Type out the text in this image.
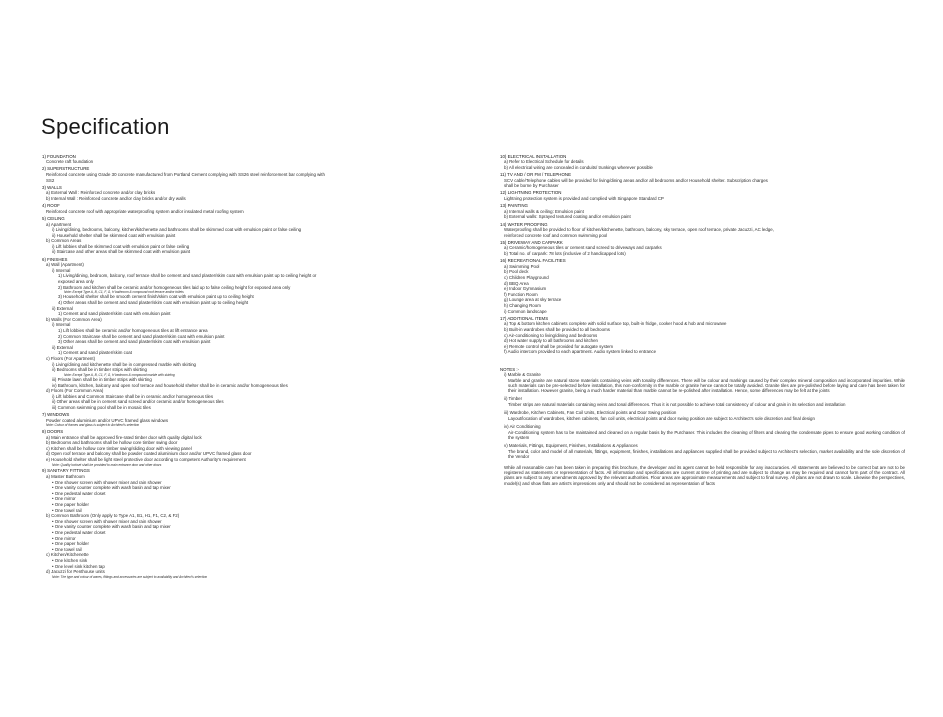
Specification
1) FOUNDATION
Concrete raft foundation
2) SUPERSTRUCTURE
Reinforced concrete using Grade 30 concrete manufactured from Portland Cement complying with SS26 steel reinforcement bar complying with
SS2
3) WALLS
a) External Wall : Reinforced concrete and/or clay bricks
b) Internal Wall : Reinforced concrete and/or clay bricks and/or dry walls
4) ROOF
Reinforced concrete roof with appropriate waterproofing system and/or insulated metal roofing system
5) CEILING
a) Apartment
i) Living/dining, bedrooms, balcony, kitchen/kitchenette and bathrooms shall be skimmed coat with emulsion paint or false ceiling
ii) Household shelter shall be skimmed coat with emulsion paint
b) Common Areas
i) Lift lobbies shall be skimmed coat with emulsion paint or false ceiling
ii) Staircase and other areas shall be skimmed coat with emulsion paint
6) FINISHES
a) Wall (Apartment)
i) Internal
1) Living/dining, bedroom, balcony, roof terrace shall be cement and sand plaster/skim coat with emulsion paint up to ceiling height or
exposed area only
2) Bathroom and kitchen shall be ceramic and/or homogeneous tiles laid up to false ceiling height for exposed area only
Note: Except Type A, B, C1, F, G, H bathroom & compound roof terrace and/or toilets
3) Household shelter shall be smooth cement finish/skim coat with emulsion paint up to ceiling height
4) Other areas shall be cement and sand plaster/skim coat with emulsion paint up to ceiling height
ii) External
1) Cement and sand plaster/skim coat with emulsion paint
b) Walls (For Common Area)
i) Internal
1) Lift lobbies shall be ceramic and/or homogeneous tiles at lift entrance area
2) Common Staircase shall be cement and sand plaster/skim coat with emulsion paint
3) Other areas shall be cement and sand plaster/skim coat with emulsion paint
ii) External
1) Cement and sand plaster/skim coat
c) Floors (For Apartment)
i) Living/dining and kitchenette shall be in compressed marble with skirting
ii) Bedrooms shall be in timber strips with skirting
Note: Except Type A, B, C1, F, G, H bedroom & compound marble with skirting
iii) Private lawn shall be in timber strips with skirting
iv) Bathroom, kitchen, balcony and open roof terrace and household shelter shall be in ceramic and/or homogeneous tiles
d) Floors (For Common Area)
i) Lift lobbies and Common Staircase shall be in ceramic and/or homogeneous tiles
ii) Other areas shall be in cement sand screed and/or ceramic and/or homogeneous tiles
iii) Common swimming pool shall be in mosaic tiles
7) WINDOWS
Powder coated aluminium and/or UPVC framed glass windows
Note: Colour of frames and glass is subject to Architect's selection
8) DOORS
a) Main entrance shall be approved fire-rated timber door with quality digital lock
b) Bedrooms and bathrooms shall be hollow core timber swing door
c) Kitchen shall be hollow core timber swing/sliding door with viewing panel
d) Open roof terrace and balcony shall be powder coated aluminium door and/or UPVC framed glass door
e) Household shelter shall be light steel protective door according to competent Authority's requirement
Note: Quality lockset shall be provided to main entrance door and other doors
9) SANITARY FITTINGS
a) Master Bathroom
• One shower screen with shower mixer and rain shower
• One vanity counter complete with wash basin and tap mixer
• One pedestal water closet
• One mirror
• One paper holder
• One towel rail
b) Common Bathroom (Only apply to Type A1, B1, H1, F1, C2, & F2)
• One shower screen with shower mixer and rain shower
• One vanity counter complete with wash basin and tap mixer
• One pedestal water closet
• One mirror
• One paper holder
• One towel rail
c) Kitchen/Kitchenette
• One kitchen sink
• One level sink kitchen tap
d) Jacuzzi for Penthouse units
Note: The type and colour of wares, fittings and accessories are subject to availability and Architect's selection
10) ELECTRICAL INSTALLATION
a) Refer to Electrical Schedule for details
b) All electrical wiring are concealed in conduits/ trunkings wherever possible
11) TV AND / OR FM / TELEPHONE
SCV cable/Telephone cables will be provided for living/dining areas and/or all bedrooms and/or Household shelter. Subscription charges
shall be borne by Purchaser
12) LIGHTNING PROTECTION
Lightning protection system is provided and complied with Singapore Standard CP
13) PAINTING
a) Internal walls & ceiling: Emulsion paint
b) External walls: Sprayed textured coating and/or emulsion paint
14) WATER PROOFING
Waterproofing shall be provided to floor of kitchen/kitchenette, bathroom, balcony, sky terrace, open roof terrace, private Jacuzzi, AC ledge,
reinforced concrete roof and common swimming pool
15) DRIVEWAY AND CARPARK
a) Ceramic/homogeneous tiles or cement sand screed to driveways and carparks
b) Total no. of carpark: 78 lots (inclusive of 2 handicapped lots)
16) RECREATIONAL FACILITIES
a) Swimming Pool
b) Pool deck
c) Children Playground
d) BBQ Area
e) Indoor Gymnasium
f) Function Room
g) Lounge area at sky terrace
h) Changing Room
i) Common landscape
17) ADDITIONAL ITEMS
a) Top & bottom kitchen cabinets complete with solid surface top, built-in fridge, cooker hood & hob and microwave
b) Built-in wardrobes shall be provided to all bedrooms
c) Air-conditioning to living/dining and bedrooms
d) Hot water supply to all bathrooms and kitchen
e) Remote control shall be provided for autogate system
f) Audio intercom provided to each apartment. Audio system linked to entrance
NOTES :-
i) Marble & Granite
Marble and granite are natural stone materials containing veins with tonality differences. There will be colour and markings caused by their complex mineral composition and incorporated impurities. While such materials can be pre-selected before installation, this non-conformity in the marble or granite hence cannot be totally avoided. Granite tiles are pre-polished before laying and care has been taken for their installation. However granite, being a much harder material than marble cannot be re-polished after installation. Hence, some differences may be felt at the joints
ii) Timber
Timber strips are natural materials containing veins and tonal differences. Thus it is not possible to achieve total consistency of colour and grain in its selection and installation
iii) Wardrobe, Kitchen Cabinets, Fan Coil Units, Electrical points and Door Swing position
Layout/location of wardrobes, kitchen cabinets, fan coil units, electrical points and door swing position are subject to Architect's sole discretion and final design
iv) Air Conditioning
Air-Conditioning system has to be maintained and cleaned on a regular basis by the Purchaser. This includes the cleaning of filters and clearing the condensate pipes to ensure good working condition of the system
v) Materials, Fittings, Equipment, Finishes, Installations & Appliances
The brand, color and model of all materials, fittings, equipment, finishes, installations and appliances supplied shall be provided subject to Architect's selection, market availability and the sole discretion of the Vendor
While all reasonable care has been taken in preparing this brochure, the developer and its agent cannot be held responsible for any inaccuracies. All statements are believed to be correct but are not to be registered as statements or representation of facts. All information and specifications are current at time of printing and are subject to change as may be required and cannot form part of the contract. All plans are subject to any amendments approved by the relevant authorities. Floor areas are approximate measurements and subject to final survey. All plans are not drawn to scale. Likewise the perspectives, model(s) and show flats are artist's impressions only and should not be considered as representation of facts
